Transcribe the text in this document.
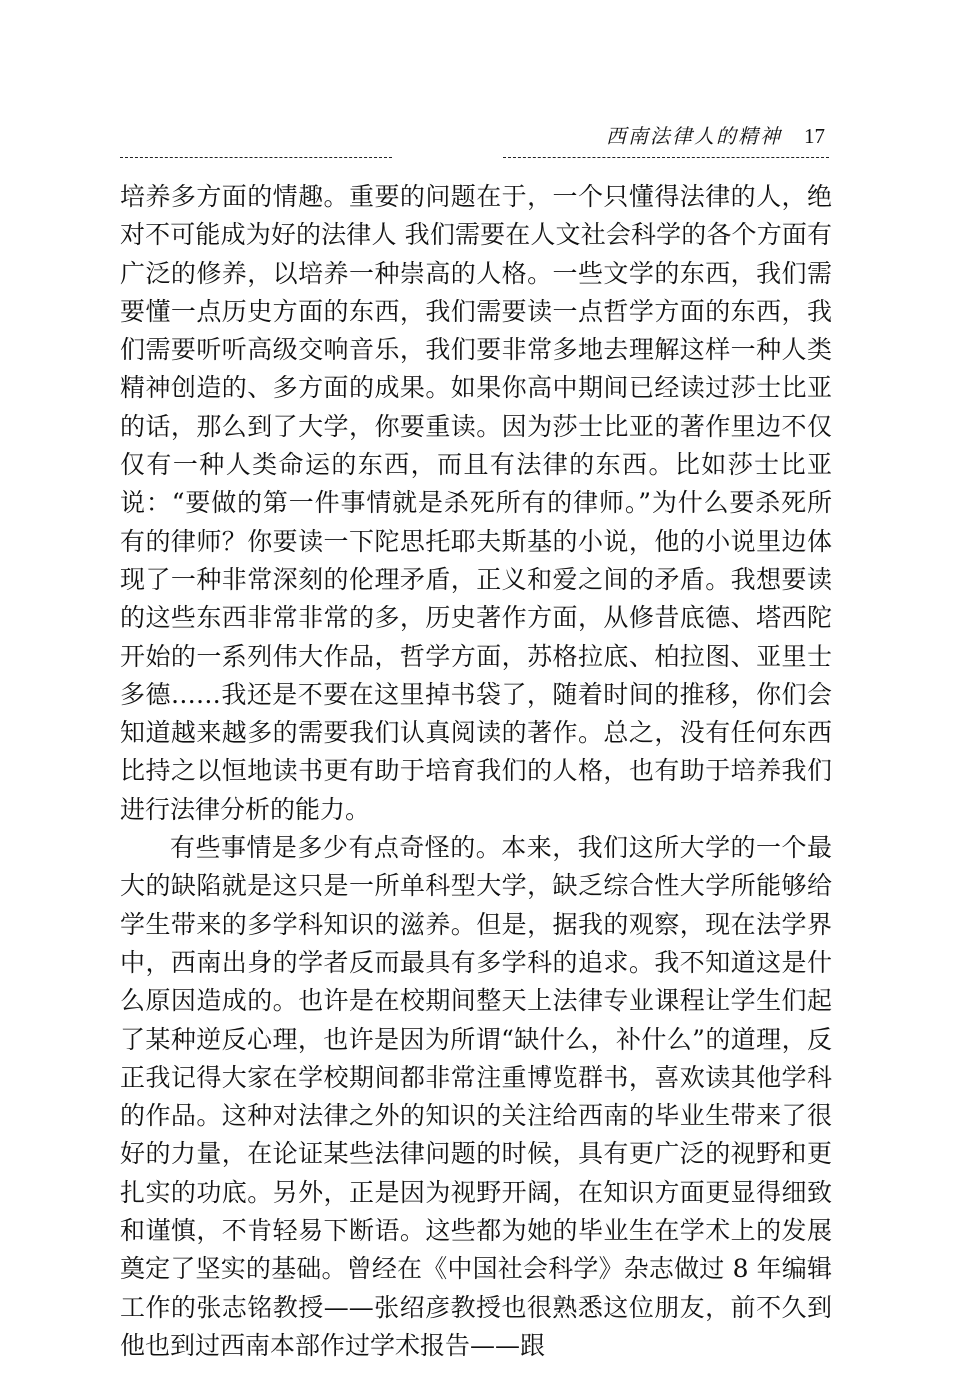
西南法律人的精神 17

培养多方面的情趣。重要的问题在于，一个只懂得法律的人，绝对不可能成为好的法律人 我们需要在人文社会科学的各个方面有广泛的修养，以培养一种崇高的人格。一些文学的东西，我们需要懂一点历史方面的东西，我们需要读一点哲学方面的东西，我们需要听听高级交响音乐，我们要非常多地去理解这样一种人类精神创造的、多方面的成果。如果你高中期间已经读过莎士比亚的话，那么到了大学，你要重读。因为莎士比亚的著作里边不仅仅有一种人类命运的东西，而且有法律的东西。比如莎士比亚说：“要做的第一件事情就是杀死所有的律师。”为什么要杀死所有的律师？你要读一下陀思托耶夫斯基的小说，他的小说里边体现了一种非常深刻的伦理矛盾，正义和爱之间的矛盾。我想要读的这些东西非常非常的多，历史著作方面，从修昔底德、塔西陀开始的一系列伟大作品，哲学方面，苏格拉底、柏拉图、亚里士多德……我还是不要在这里掉书袋了，随着时间的推移，你们会知道越来越多的需要我们认真阅读的著作。总之，没有任何东西比持之以恒地读书更有助于培育我们的人格，也有助于培养我们进行法律分析的能力。

有些事情是多少有点奇怪的。本来，我们这所大学的一个最大的缺陷就是这只是一所单科型大学，缺乏综合性大学所能够给学生带来的多学科知识的滋养。但是，据我的观察，现在法学界中，西南出身的学者反而最具有多学科的追求。我不知道这是什么原因造成的。也许是在校期间整天上法律专业课程让学生们起了某种逆反心理，也许是因为所谓“缺什么，补什么”的道理，反正我记得大家在学校期间都非常注重博览群书，喜欢读其他学科的作品。这种对法律之外的知识的关注给西南的毕业生带来了很好的力量，在论证某些法律问题的时候，具有更广泛的视野和更扎实的功底。另外，正是因为视野开阔，在知识方面更显得细致和谨慎，不肯轻易下断语。这些都为她的毕业生在学术上的发展奠定了坚实的基础。曾经在《中国社会科学》杂志做过 8 年编辑工作的张志铭教授——张绍彦教授也很熟悉这位朋友，前不久到他也到过西南本部作过学术报告——跟
